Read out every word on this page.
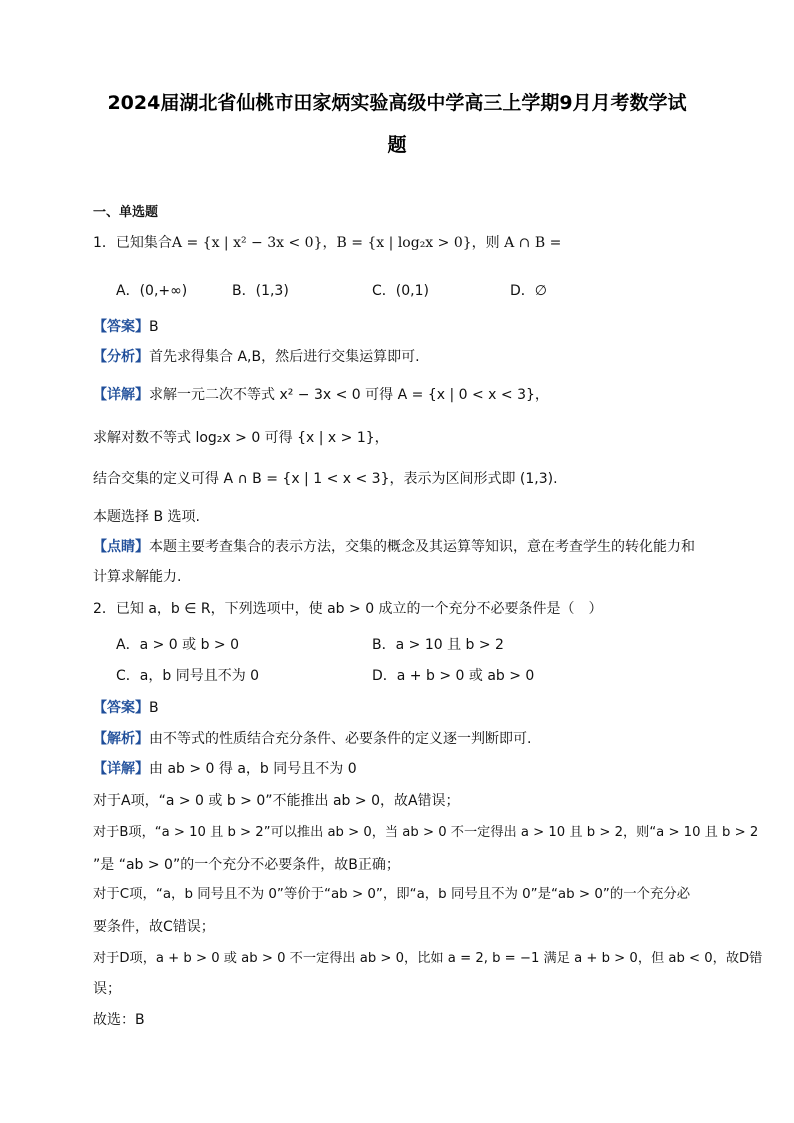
2024届湖北省仙桃市田家炳实验高级中学高三上学期9月月考数学试
题
一、单选题
1．已知集合A = {x | x² − 3x < 0}，B = {x | log₂x > 0}，则 A ∩ B =
A．(0,+∞)	B．(1,3)	C．(0,1)	D．∅
【答案】B
【分析】首先求得集合 A,B，然后进行交集运算即可.
【详解】求解一元二次不等式 x² − 3x < 0 可得 A = {x | 0 < x < 3}，
求解对数不等式 log₂x > 0 可得 {x | x > 1}，
结合交集的定义可得 A ∩ B = {x | 1 < x < 3}，表示为区间形式即 (1,3).
本题选择 B 选项.
【点睛】本题主要考查集合的表示方法，交集的概念及其运算等知识，意在考查学生的转化能力和
计算求解能力.
2．已知 a，b ∈ R，下列选项中，使 ab > 0 成立的一个充分不必要条件是（　）
A．a > 0 或 b > 0	B．a > 10 且 b > 2
C．a，b 同号且不为 0	D．a + b > 0 或 ab > 0
【答案】B
【解析】由不等式的性质结合充分条件、必要条件的定义逐一判断即可.
【详解】由 ab > 0 得 a，b 同号且不为 0
对于A项，“a > 0 或 b > 0”不能推出 ab > 0，故A错误；
对于B项，“a > 10 且 b > 2”可以推出 ab > 0，当 ab > 0 不一定得出 a > 10 且 b > 2，则“a > 10 且 b > 2
”是 “ab > 0”的一个充分不必要条件，故B正确；
对于C项，“a，b 同号且不为 0”等价于“ab > 0”，即“a，b 同号且不为 0”是“ab > 0”的一个充分必
要条件，故C错误；
对于D项，a + b > 0 或 ab > 0 不一定得出 ab > 0，比如 a = 2, b = −1 满足 a + b > 0，但 ab < 0，故D错
误；
故选：B
